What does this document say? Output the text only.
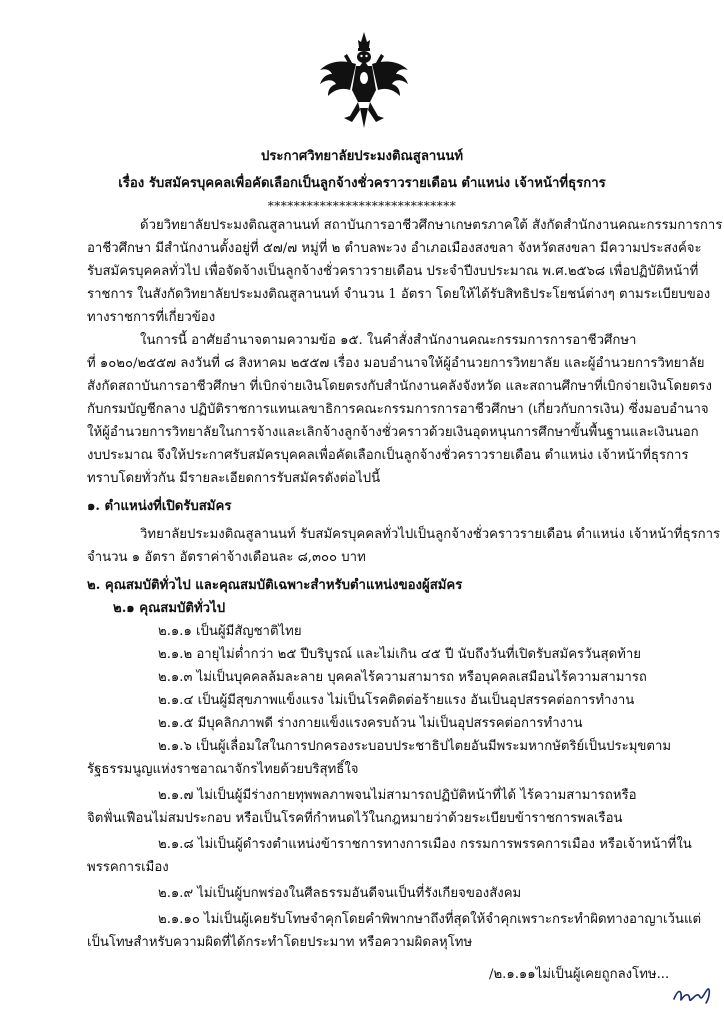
ประกาศวิทยาลัยประมงติณสูลานนท์
เรื่อง รับสมัครบุคคลเพื่อคัดเลือกเป็นลูกจ้างชั่วคราวรายเดือน ตำแหน่ง เจ้าหน้าที่ธุรการ
*****************************
ด้วยวิทยาลัยประมงติณสูลานนท์ สถาบันการอาชีวศึกษาเกษตรภาคใต้ สังกัดสำนักงานคณะกรรมการการ
อาชีวศึกษา มีสำนักงานตั้งอยู่ที่ ๕๗/๗ หมู่ที่ ๒ ตำบลพะวง อำเภอเมืองสงขลา จังหวัดสงขลา มีความประสงค์จะ
รับสมัครบุคคลทั่วไป เพื่อจัดจ้างเป็นลูกจ้างชั่วคราวรายเดือน ประจำปีงบประมาณ พ.ศ.๒๕๖๘ เพื่อปฏิบัติหน้าที่
ราชการ ในสังกัดวิทยาลัยประมงติณสูลานนท์ จำนวน 1 อัตรา โดยให้ได้รับสิทธิประโยชน์ต่างๆ ตามระเบียบของ
ทางราชการที่เกี่ยวข้อง
ในการนี้ อาศัยอำนาจตามความข้อ ๑๕. ในคำสั่งสำนักงานคณะกรรมการการอาชีวศึกษา
ที่ ๑๐๒๐/๒๕๕๗ ลงวันที่ ๘ สิงหาคม ๒๕๕๗ เรื่อง มอบอำนาจให้ผู้อำนวยการวิทยาลัย และผู้อำนวยการวิทยาลัย
สังกัดสถาบันการอาชีวศึกษา ที่เบิกจ่ายเงินโดยตรงกับสำนักงานคลังจังหวัด และสถานศึกษาที่เบิกจ่ายเงินโดยตรง
กับกรมบัญชีกลาง ปฏิบัติราชการแทนเลขาธิการคณะกรรมการการอาชีวศึกษา (เกี่ยวกับการเงิน) ซึ่งมอบอำนาจ
ให้ผู้อำนวยการวิทยาลัยในการจ้างและเลิกจ้างลูกจ้างชั่วคราวด้วยเงินอุดหนุนการศึกษาขั้นพื้นฐานและเงินนอก
งบประมาณ จึงให้ประกาศรับสมัครบุคคลเพื่อคัดเลือกเป็นลูกจ้างชั่วคราวรายเดือน ตำแหน่ง เจ้าหน้าที่ธุรการ
ทราบโดยทั่วกัน มีรายละเอียดการรับสมัครดังต่อไปนี้
๑. ตำแหน่งที่เปิดรับสมัคร
วิทยาลัยประมงติณสูลานนท์ รับสมัครบุคคลทั่วไปเป็นลูกจ้างชั่วคราวรายเดือน ตำแหน่ง เจ้าหน้าที่ธุรการ
จำนวน ๑ อัตรา อัตราค่าจ้างเดือนละ ๘,๓๐๐ บาท
๒. คุณสมบัติทั่วไป และคุณสมบัติเฉพาะสำหรับตำแหน่งของผู้สมัคร
๒.๑ คุณสมบัติทั่วไป
๒.๑.๑ เป็นผู้มีสัญชาติไทย
๒.๑.๒ อายุไม่ต่ำกว่า ๒๕ ปีบริบูรณ์ และไม่เกิน ๔๕ ปี นับถึงวันที่เปิดรับสมัครวันสุดท้าย
๒.๑.๓ ไม่เป็นบุคคลล้มละลาย บุคคลไร้ความสามารถ หรือบุคคลเสมือนไร้ความสามารถ
๒.๑.๔ เป็นผู้มีสุขภาพแข็งแรง ไม่เป็นโรคติดต่อร้ายแรง อันเป็นอุปสรรคต่อการทำงาน
๒.๑.๕ มีบุคลิกภาพดี ร่างกายแข็งแรงครบถ้วน ไม่เป็นอุปสรรคต่อการทำงาน
๒.๑.๖ เป็นผู้เลื่อมใสในการปกครองระบอบประชาธิปไตยอันมีพระมหากษัตริย์เป็นประมุขตาม
รัฐธรรมนูญแห่งราชอาณาจักรไทยด้วยบริสุทธิ์ใจ
๒.๑.๗ ไม่เป็นผู้มีร่างกายทุพพลภาพจนไม่สามารถปฏิบัติหน้าที่ได้ ไร้ความสามารถหรือ
จิตฟั่นเฟือนไม่สมประกอบ หรือเป็นโรคที่กำหนดไว้ในกฎหมายว่าด้วยระเบียบข้าราชการพลเรือน
๒.๑.๘ ไม่เป็นผู้ดำรงตำแหน่งข้าราชการทางการเมือง กรรมการพรรคการเมือง หรือเจ้าหน้าที่ใน
พรรคการเมือง
๒.๑.๙ ไม่เป็นผู้บกพร่องในศีลธรรมอันดีจนเป็นที่รังเกียจของสังคม
๒.๑.๑๐ ไม่เป็นผู้เคยรับโทษจำคุกโดยคำพิพากษาถึงที่สุดให้จำคุกเพราะกระทำผิดทางอาญาเว้นแต่
เป็นโทษสำหรับความผิดที่ได้กระทำโดยประมาท หรือความผิดลหุโทษ
/๒.๑.๑๑ไม่เป็นผู้เคยถูกลงโทษ...
